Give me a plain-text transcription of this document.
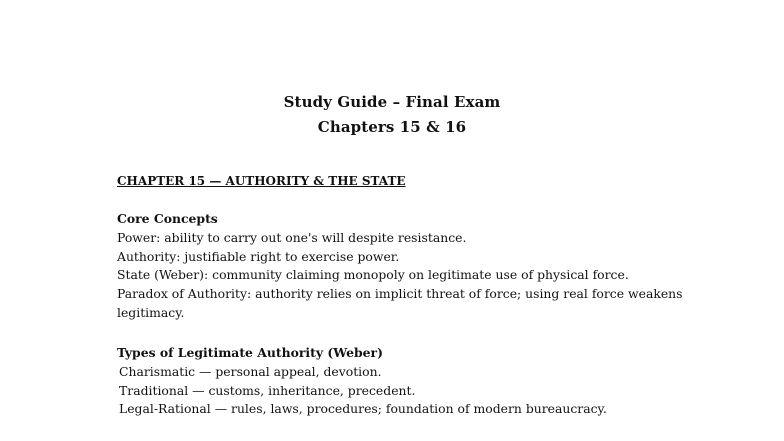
Study Guide – Final Exam
Chapters 15 & 16
CHAPTER 15 — AUTHORITY & THE STATE
Core Concepts
Power: ability to carry out one's will despite resistance.
Authority: justifiable right to exercise power.
State (Weber): community claiming monopoly on legitimate use of physical force.
Paradox of Authority: authority relies on implicit threat of force; using real force weakens
legitimacy.
Types of Legitimate Authority (Weber)
Charismatic — personal appeal, devotion.
Traditional — customs, inheritance, precedent.
Legal-Rational — rules, laws, procedures; foundation of modern bureaucracy.
